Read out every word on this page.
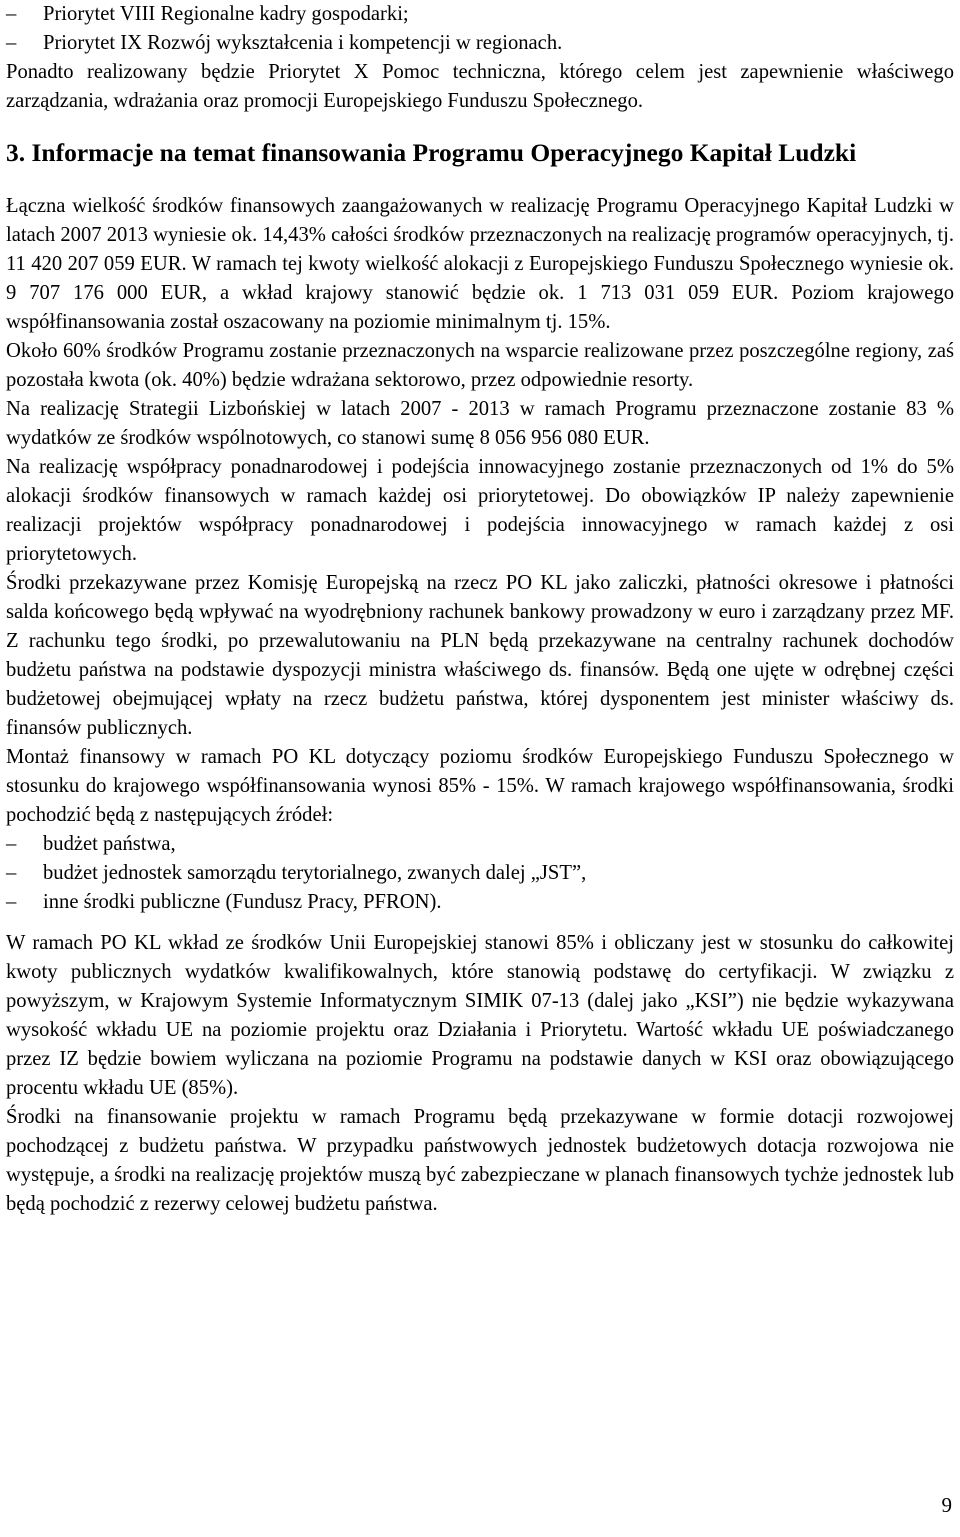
–
Priorytet VIII Regionalne kadry gospodarki;
–
Priorytet IX Rozwój wykształcenia i kompetencji w regionach.

Ponadto realizowany będzie Priorytet X Pomoc techniczna, którego celem jest zapewnienie właściwego zarządzania, wdrażania oraz promocji Europejskiego Funduszu Społecznego.

3. Informacje na temat finansowania Programu Operacyjnego Kapitał Ludzki

Łączna wielkość środków finansowych zaangażowanych w realizację Programu Operacyjnego Kapitał Ludzki w latach 2007 2013 wyniesie ok. 14,43% całości środków przeznaczonych na realizację programów operacyjnych, tj. 11 420 207 059 EUR. W ramach tej kwoty wielkość alokacji z Europejskiego Funduszu Społecznego wyniesie ok. 9 707 176 000 EUR, a wkład krajowy stanowić będzie ok. 1 713 031 059 EUR. Poziom krajowego współfinansowania został oszacowany na poziomie minimalnym tj. 15%.

Około 60% środków Programu zostanie przeznaczonych na wsparcie realizowane przez poszczególne regiony, zaś pozostała kwota (ok. 40%) będzie wdrażana sektorowo, przez odpowiednie resorty.

Na realizację Strategii Lizbońskiej w latach 2007 - 2013 w ramach Programu przeznaczone zostanie 83 % wydatków ze środków wspólnotowych, co stanowi sumę 8 056 956 080 EUR.

Na realizację współpracy ponadnarodowej i podejścia innowacyjnego zostanie przeznaczonych od 1% do 5% alokacji środków finansowych w ramach każdej osi priorytetowej. Do obowiązków IP należy zapewnienie realizacji projektów współpracy ponadnarodowej i podejścia innowacyjnego w ramach każdej z osi priorytetowych.

Środki przekazywane przez Komisję Europejską na rzecz PO KL jako zaliczki, płatności okresowe i płatności salda końcowego będą wpływać na wyodrębniony rachunek bankowy prowadzony w euro i zarządzany przez MF. Z rachunku tego środki, po przewalutowaniu na PLN będą przekazywane na centralny rachunek dochodów budżetu państwa na podstawie dyspozycji ministra właściwego ds. finansów. Będą one ujęte w odrębnej części budżetowej obejmującej wpłaty na rzecz budżetu państwa, której dysponentem jest minister właściwy ds. finansów publicznych.

Montaż finansowy w ramach PO KL dotyczący poziomu środków Europejskiego Funduszu Społecznego w stosunku do krajowego współfinansowania wynosi 85% - 15%. W ramach krajowego współfinansowania, środki pochodzić będą z następujących źródeł:

–
budżet państwa,
–
budżet jednostek samorządu terytorialnego, zwanych dalej „JST”,
–
inne środki publiczne (Fundusz Pracy, PFRON).

W ramach PO KL wkład ze środków Unii Europejskiej stanowi 85% i obliczany jest w stosunku do całkowitej kwoty publicznych wydatków kwalifikowalnych, które stanowią podstawę do certyfikacji. W związku z powyższym, w Krajowym Systemie Informatycznym SIMIK 07-13 (dalej jako „KSI”) nie będzie wykazywana wysokość wkładu UE na poziomie projektu oraz Działania i Priorytetu. Wartość wkładu UE poświadczanego przez IZ będzie bowiem wyliczana na poziomie Programu na podstawie danych w KSI oraz obowiązującego procentu wkładu UE (85%).

Środki na finansowanie projektu w ramach Programu będą przekazywane w formie dotacji rozwojowej pochodzącej z budżetu państwa. W przypadku państwowych jednostek budżetowych dotacja rozwojowa nie występuje, a środki na realizację projektów muszą być zabezpieczane w planach finansowych tychże jednostek lub będą pochodzić z rezerwy celowej budżetu państwa.

9
